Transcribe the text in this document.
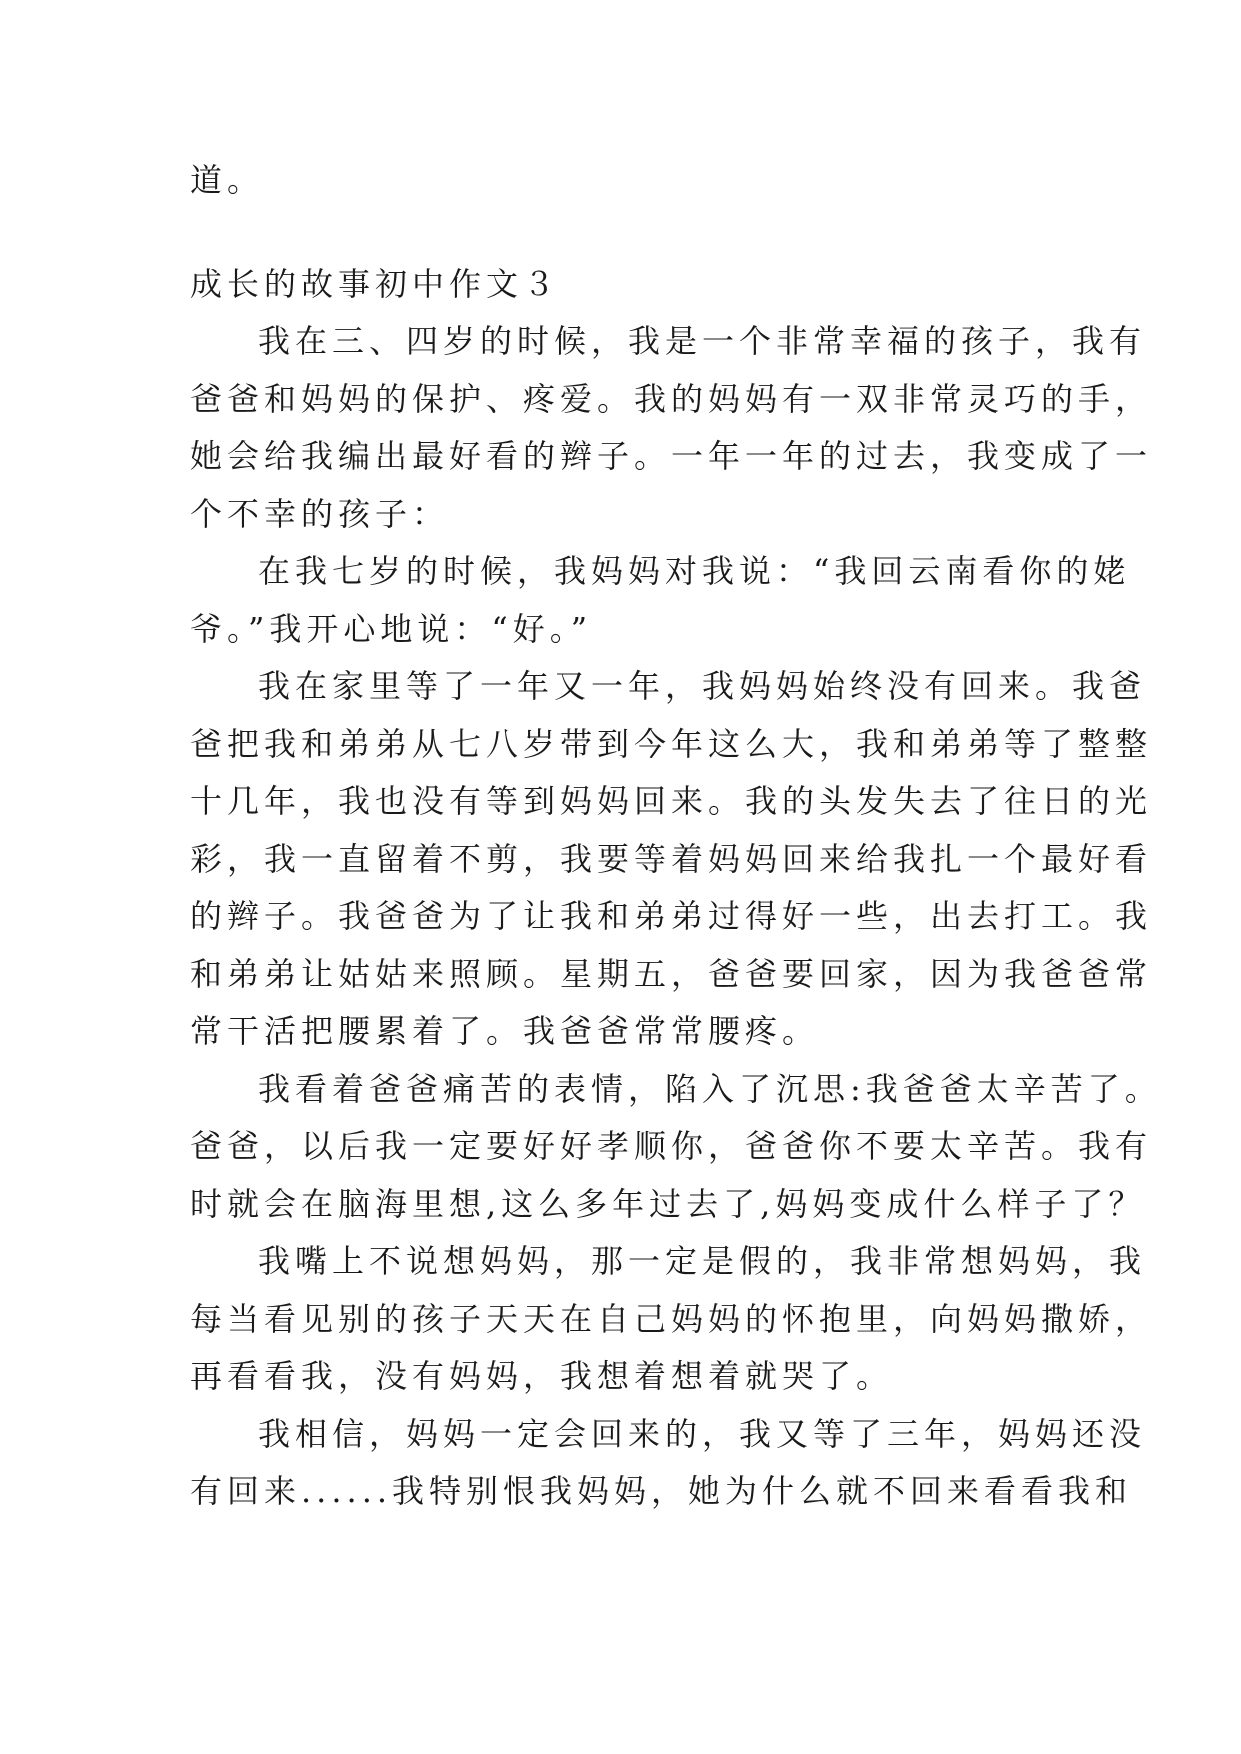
道。

成长的故事初中作文３

我在三、四岁的时候，我是一个非常幸福的孩子，我有

爸爸和妈妈的保护、疼爱。我的妈妈有一双非常灵巧的手，

她会给我编出最好看的辫子。一年一年的过去，我变成了一

个不幸的孩子：

在我七岁的时候，我妈妈对我说：“我回云南看你的姥

爷。”我开心地说：“好。”

我在家里等了一年又一年，我妈妈始终没有回来。我爸

爸把我和弟弟从七八岁带到今年这么大，我和弟弟等了整整

十几年，我也没有等到妈妈回来。我的头发失去了往日的光

彩，我一直留着不剪，我要等着妈妈回来给我扎一个最好看

的辫子。我爸爸为了让我和弟弟过得好一些，出去打工。我

和弟弟让姑姑来照顾。星期五，爸爸要回家，因为我爸爸常

常干活把腰累着了。我爸爸常常腰疼。

我看着爸爸痛苦的表情，陷入了沉思:我爸爸太辛苦了。

爸爸，以后我一定要好好孝顺你，爸爸你不要太辛苦。我有

时就会在脑海里想,这么多年过去了,妈妈变成什么样子了？

我嘴上不说想妈妈，那一定是假的，我非常想妈妈，我

每当看见别的孩子天天在自己妈妈的怀抱里，向妈妈撒娇，

再看看我，没有妈妈，我想着想着就哭了。

我相信，妈妈一定会回来的，我又等了三年，妈妈还没

有回来......我特别恨我妈妈，她为什么就不回来看看我和
